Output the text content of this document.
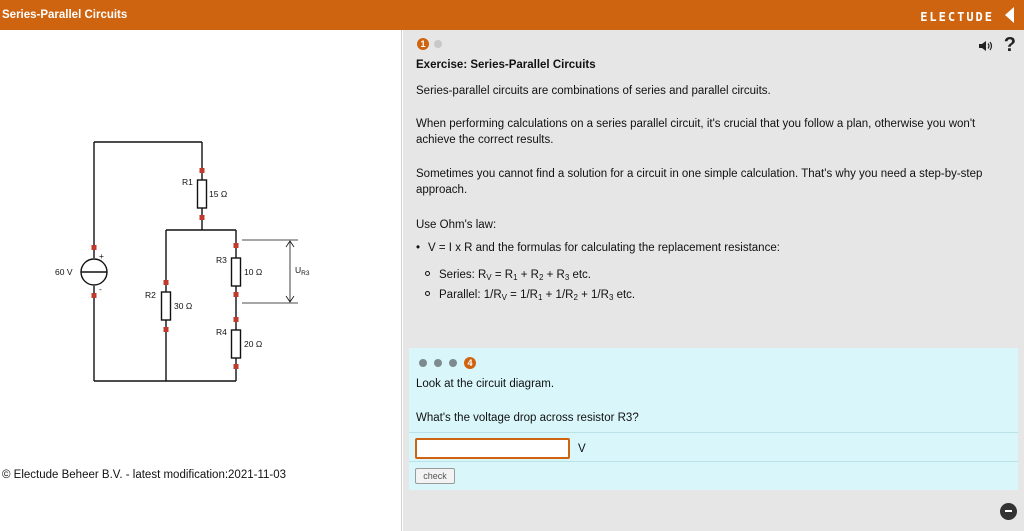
Series-Parallel Circuits	ELECTUDE
60 V
+
-
R1
15 Ω
R2
30 Ω
R3
10 Ω
R4
20 Ω
$U_{R3}$
© Electude Beheer B.V. - latest modification:2021-11-03
1	?
Exercise: Series-Parallel Circuits
Series-parallel circuits are combinations of series and parallel circuits.
When performing calculations on a series parallel circuit, it's crucial that you follow a plan, otherwise you won't achieve the correct results.
Sometimes you cannot find a solution for a circuit in one simple calculation. That's why you need a step-by-step approach.
Use Ohm's law:
• V = I x R and the formulas for calculating the replacement resistance:
Series: $R_V = R_1 + R_2 + R_3$ etc.
Parallel: $1/R_V = 1/R_1 + 1/R_2 + 1/R_3$ etc.
4
Look at the circuit diagram.
What's the voltage drop across resistor R3?
V
check
